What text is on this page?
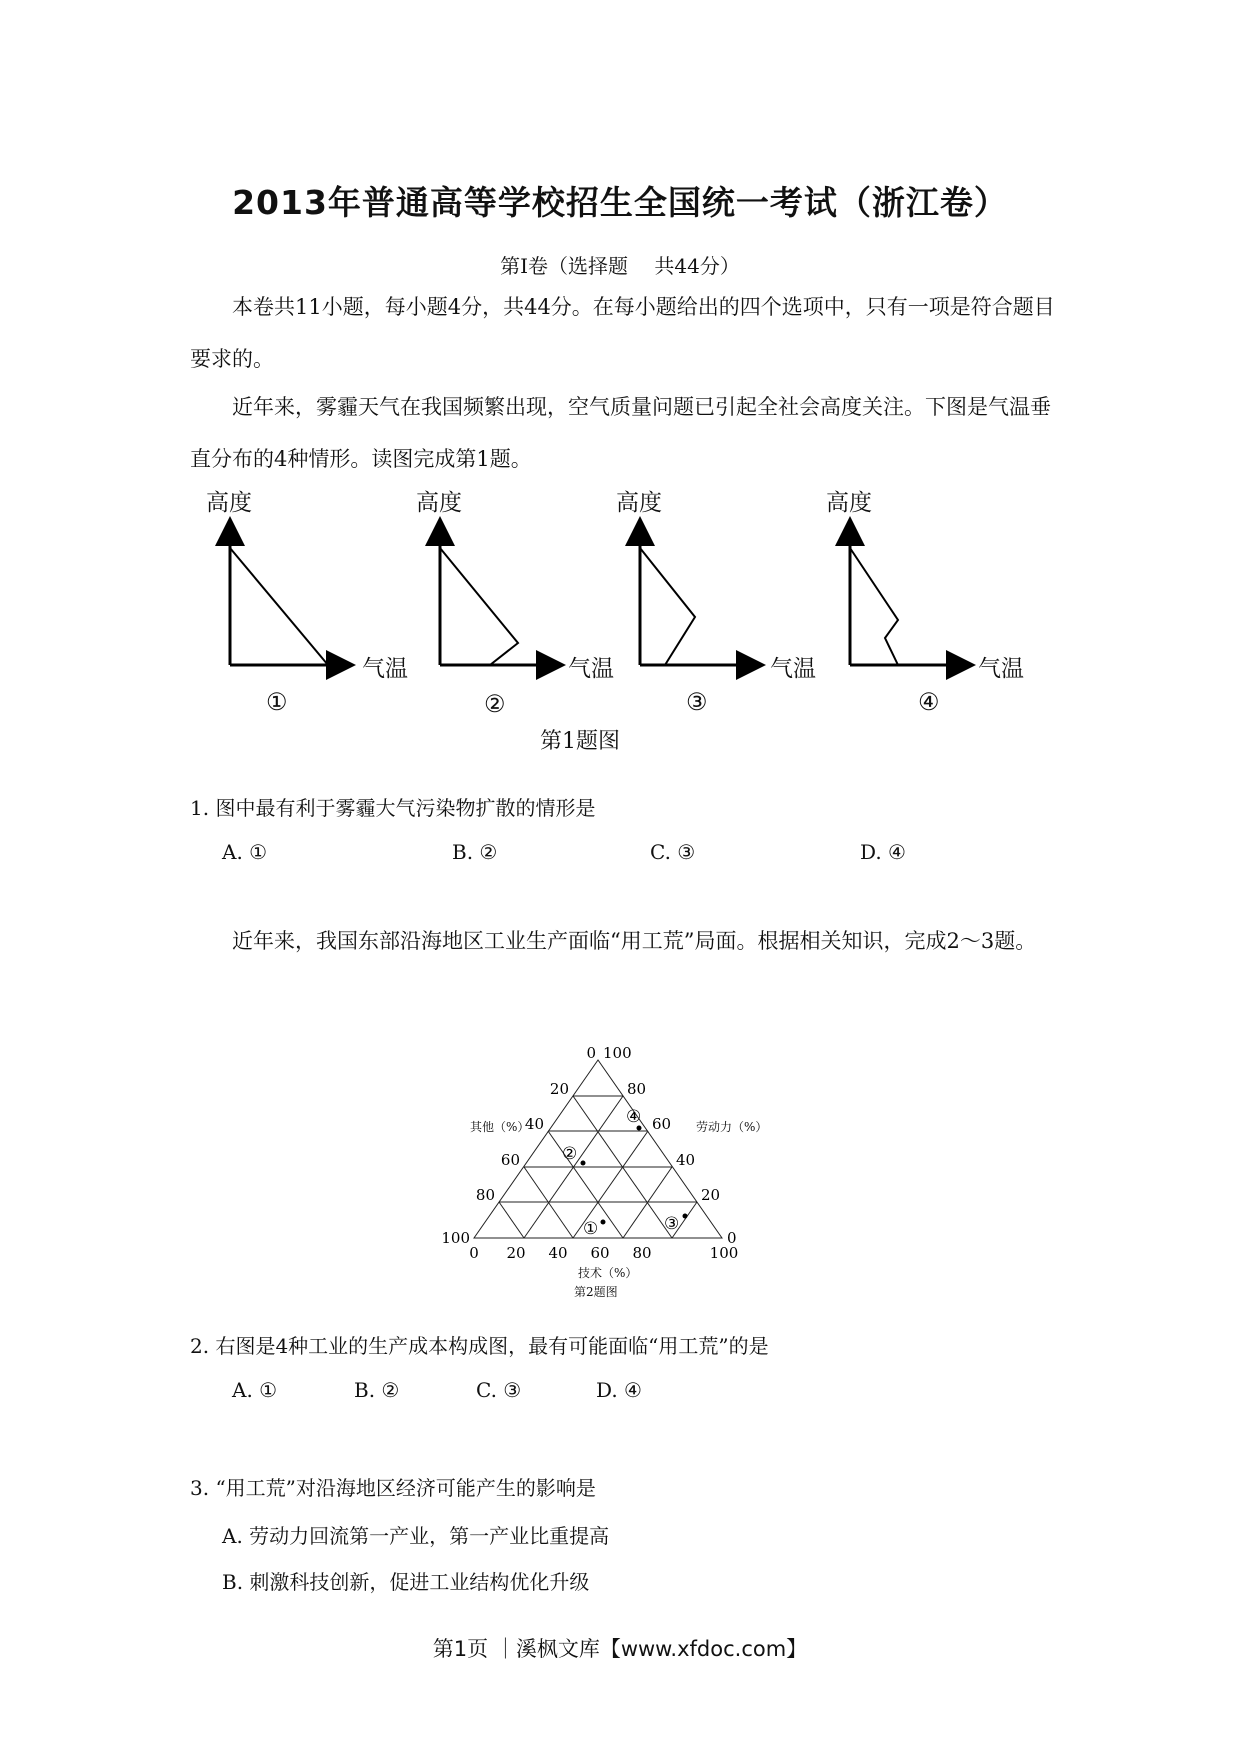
2013年普通高等学校招生全国统一考试（浙江卷）
第Ⅰ卷（选择题　 共44分）
本卷共11小题，每小题4分，共44分。在每小题给出的四个选项中，只有一项是符合题目要求的。
近年来，雾霾天气在我国频繁出现，空气质量问题已引起全社会高度关注。下图是气温垂直分布的4种情形。读图完成第1题。
高度	高度	高度	高度
气温	气温	气温	气温
①	②	③	④
第1题图
1. 图中最有利于雾霾大气污染物扩散的情形是
A. ①	B. ②	C. ③	D. ④
近年来，我国东部沿海地区工业生产面临“用工荒”局面。根据相关知识，完成2～3题。
①
②
③
④
0
20
40
60
80
100
100
80
60
40
20
0
0 20 40 60 80	100
其他（%）	劳动力（%）
技术（%）
第2题图
2. 右图是4种工业的生产成本构成图，最有可能面临“用工荒”的是
A. ①	B. ②	C. ③	D. ④
3. “用工荒”对沿海地区经济可能产生的影响是
A. 劳动力回流第一产业，第一产业比重提高
B. 刺激科技创新，促进工业结构优化升级
第1页 ｜溪枫文库【www.xfdoc.com】
